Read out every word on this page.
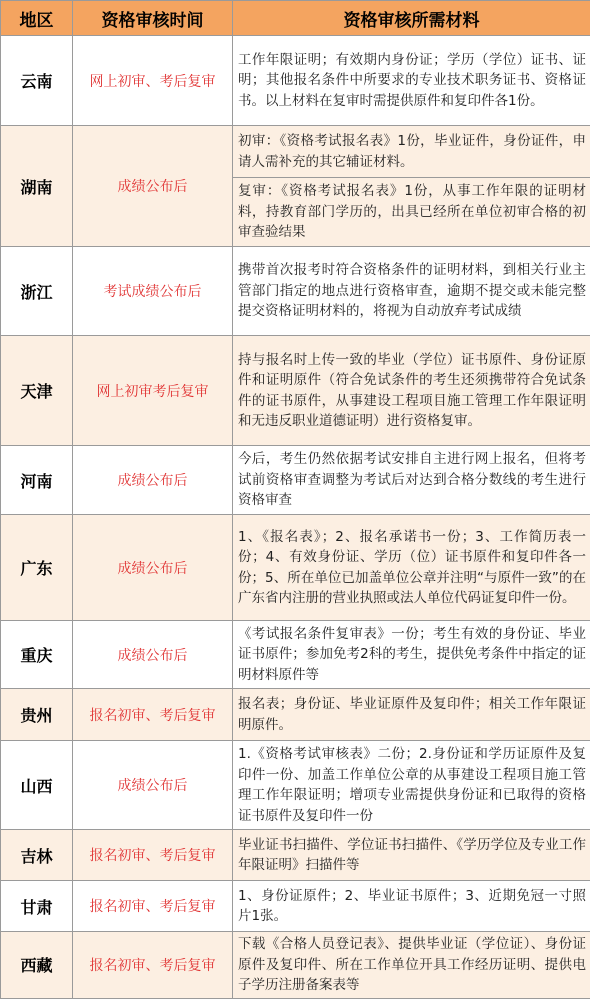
地区	资格审核时间	资格审核所需材料
云南	网上初审、考后复审	工作年限证明；有效期内身份证；学历（学位）证书、证明；其他报名条件中所要求的专业技术职务证书、资格证书。以上材料在复审时需提供原件和复印件各1份。
湖南	成绩公布后	初审：《资格考试报名表》1份，毕业证件，身份证件，申请人需补充的其它辅证材料。
		复审：《资格考试报名表》1份，从事工作年限的证明材料，持教育部门学历的，出具已经所在单位初审合格的初审查验结果
浙江	考试成绩公布后	携带首次报考时符合资格条件的证明材料，到相关行业主管部门指定的地点进行资格审查，逾期不提交或未能完整提交资格证明材料的，将视为自动放弃考试成绩
天津	网上初审考后复审	持与报名时上传一致的毕业（学位）证书原件、身份证原件和证明原件（符合免试条件的考生还须携带符合免试条件的证书原件，从事建设工程项目施工管理工作年限证明和无违反职业道德证明）进行资格复审。
河南	成绩公布后	今后，考生仍然依据考试安排自主进行网上报名，但将考试前资格审查调整为考试后对达到合格分数线的考生进行资格审查
广东	成绩公布后	1、《报名表》；2、报名承诺书一份；3、工作简历表一份；4、有效身份证、学历（位）证书原件和复印件各一份；5、所在单位已加盖单位公章并注明“与原件一致”的在广东省内注册的营业执照或法人单位代码证复印件一份。
重庆	成绩公布后	《考试报名条件复审表》一份；考生有效的身份证、毕业证书原件；参加免考2科的考生，提供免考条件中指定的证明材料原件等
贵州	报名初审、考后复审	报名表；身份证、毕业证原件及复印件；相关工作年限证明原件。
山西	成绩公布后	1.《资格考试审核表》二份；2.身份证和学历证原件及复印件一份、加盖工作单位公章的从事建设工程项目施工管理工作年限证明；增项专业需提供身份证和已取得的资格证书原件及复印件一份
吉林	报名初审、考后复审	毕业证书扫描件、学位证书扫描件、《学历学位及专业工作年限证明》扫描件等
甘肃	报名初审、考后复审	1、身份证原件；2、毕业证书原件；3、近期免冠一寸照片1张。
西藏	报名初审、考后复审	下载《合格人员登记表》、提供毕业证（学位证）、身份证原件及复印件、所在工作单位开具工作经历证明、提供电子学历注册备案表等
